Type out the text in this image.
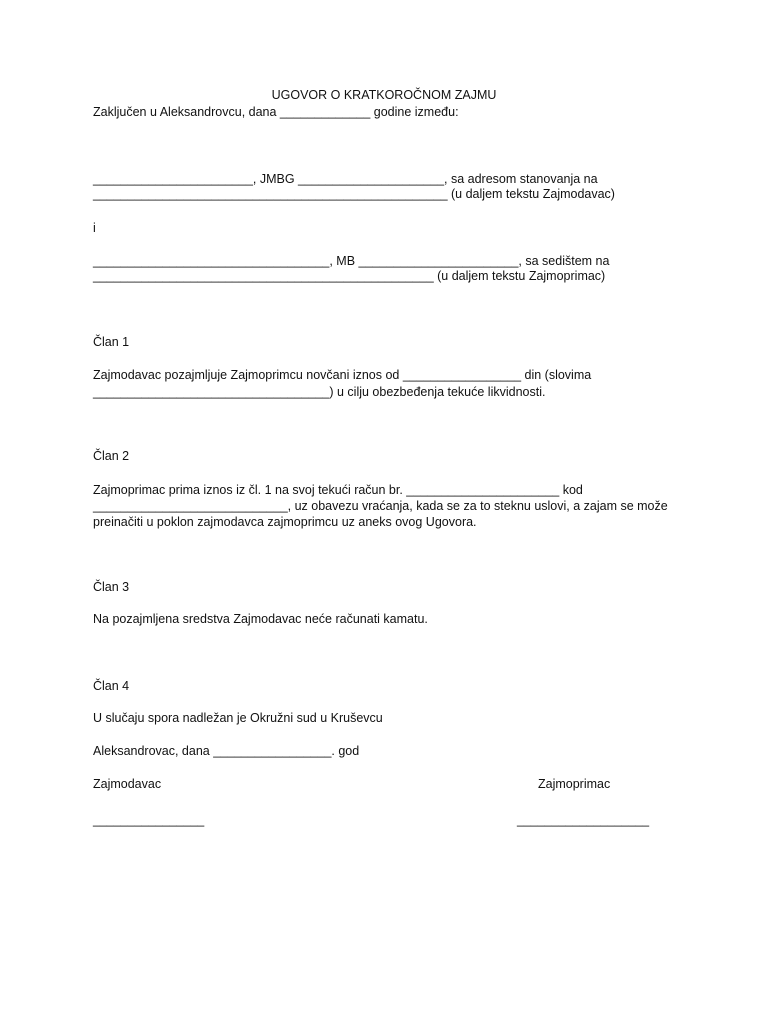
UGOVOR O KRATKOROČNOM ZAJMU
Zaključen u Aleksandrovcu, dana _____________ godine između:
_______________________, JMBG _____________________, sa adresom stanovanja na
___________________________________________________ (u daljem tekstu Zajmodavac)
i
__________________________________, MB _______________________, sa sedištem na
_________________________________________________ (u daljem tekstu Zajmoprimac)
Član 1
Zajmodavac pozajmljuje Zajmoprimcu novčani iznos od _________________ din (slovima
__________________________________) u cilju obezbeđenja tekuće likvidnosti.
Član 2
Zajmoprimac prima iznos iz čl. 1 na svoj tekući račun br. ______________________ kod
____________________________, uz obavezu vraćanja, kada se za to steknu uslovi, a zajam se može
preinačiti u poklon zajmodavca zajmoprimcu uz aneks ovog Ugovora.
Član 3
Na pozajmljena sredstva Zajmodavac neće računati kamatu.
Član 4
U slučaju spora nadležan je Okružni sud u Kruševcu
Aleksandrovac, dana _________________. god
Zajmodavac	Zajmoprimac
________________	___________________
